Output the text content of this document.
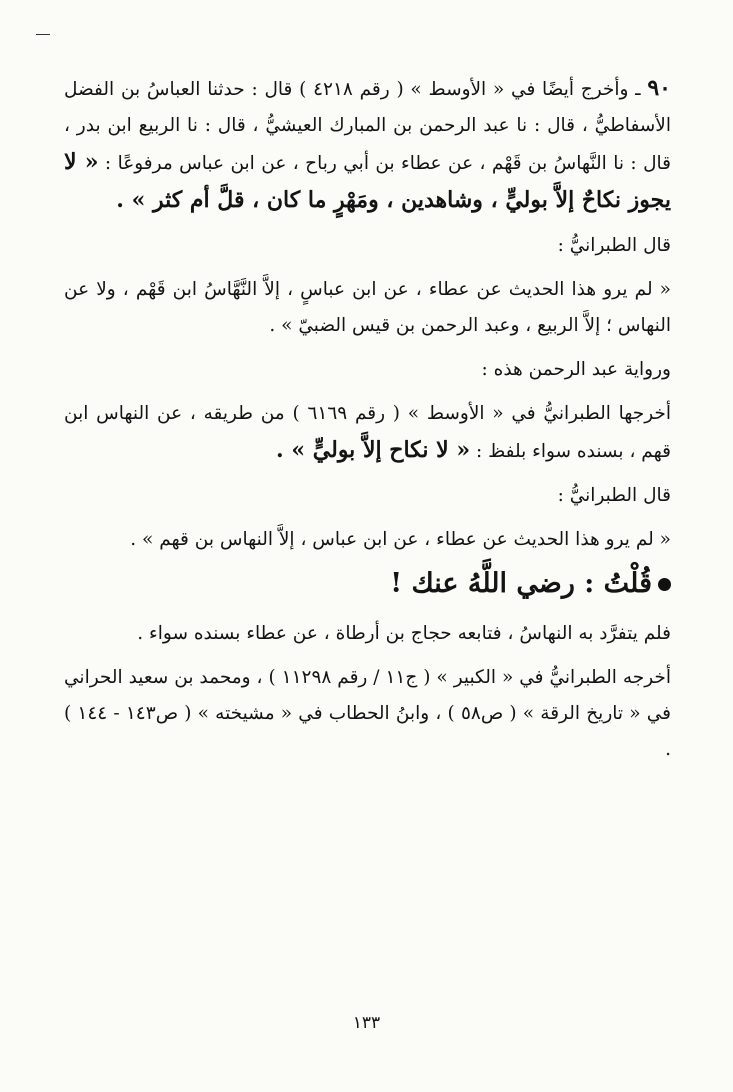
٩٠ ـ وأخرج أيضًا في « الأوسط » ( رقم ٤٢١٨ ) قال : حدثنا العباسُ بن الفضل الأسفاطيُّ ، قال : نا عبد الرحمن بن المبارك العيشيُّ ، قال : نا الربيع ابن بدر ، قال : نا النَّهاسُ بن قَهْم ، عن عطاء بن أبي رباح ، عن ابن عباس مرفوعًا : « لا يجوز نكاحٌ إلاَّ بوليٍّ ، وشاهدين ، ومَهْرٍ ما كان ، قلَّ أم كثر » .

قال الطبرانيُّ :

« لم يرو هذا الحديث عن عطاء ، عن ابن عباسٍ ، إلاَّ النَّهَّاسُ ابن قَهْم ، ولا عن النهاس ؛ إلاَّ الربيع ، وعبد الرحمن بن قيس الضبيّ » .

ورواية عبد الرحمن هذه :

أخرجها الطبرانيُّ في « الأوسط » ( رقم ٦١٦٩ ) من طريقه ، عن النهاس ابن قهم ، بسنده سواء بلفظ : « لا نكاح إلاَّ بوليٍّ » .

قال الطبرانيُّ :

« لم يرو هذا الحديث عن عطاء ، عن ابن عباس ، إلاَّ النهاس بن قهم » .

قُلْتُ : رضي اللَّهُ عنك !

فلم يتفرَّد به النهاسُ ، فتابعه حجاج بن أرطاة ، عن عطاء بسنده سواء .

أخرجه الطبرانيُّ في « الكبير » ( ج١١ / رقم ١١٢٩٨ ) ، ومحمد بن سعيد الحراني في « تاريخ الرقة » ( ص٥٨ ) ، وابنُ الحطاب في « مشيخته » ( ص١٤٣ - ١٤٤ ) .

١٣٣
